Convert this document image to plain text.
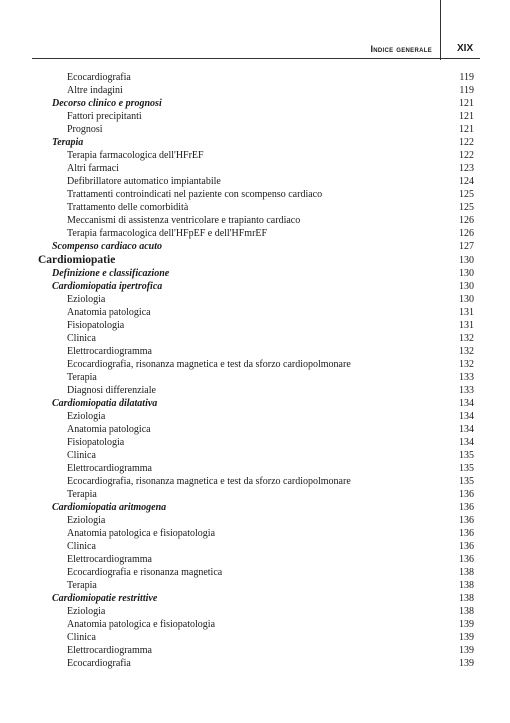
Indice generale	XIX
Ecocardiografia	119
Altre indagini	119
Decorso clinico e prognosi	121
Fattori precipitanti	121
Prognosi	121
Terapia	122
Terapia farmacologica dell'HFrEF	122
Altri farmaci	123
Defibrillatore automatico impiantabile	124
Trattamenti controindicati nel paziente con scompenso cardiaco	125
Trattamento delle comorbidità	125
Meccanismi di assistenza ventricolare e trapianto cardiaco	126
Terapia farmacologica dell'HFpEF e dell'HFmrEF	126
Scompenso cardiaco acuto	127
Cardiomiopatie	130
Definizione e classificazione	130
Cardiomiopatia ipertrofica	130
Eziologia	130
Anatomia patologica	131
Fisiopatologia	131
Clinica	132
Elettrocardiogramma	132
Ecocardiografia, risonanza magnetica e test da sforzo cardiopolmonare	132
Terapia	133
Diagnosi differenziale	133
Cardiomiopatia dilatativa	134
Eziologia	134
Anatomia patologica	134
Fisiopatologia	134
Clinica	135
Elettrocardiogramma	135
Ecocardiografia, risonanza magnetica e test da sforzo cardiopolmonare	135
Terapia	136
Cardiomiopatia aritmogena	136
Eziologia	136
Anatomia patologica e fisiopatologia	136
Clinica	136
Elettrocardiogramma	136
Ecocardiografia e risonanza magnetica	138
Terapia	138
Cardiomiopatie restrittive	138
Eziologia	138
Anatomia patologica e fisiopatologia	139
Clinica	139
Elettrocardiogramma	139
Ecocardiografia	139
